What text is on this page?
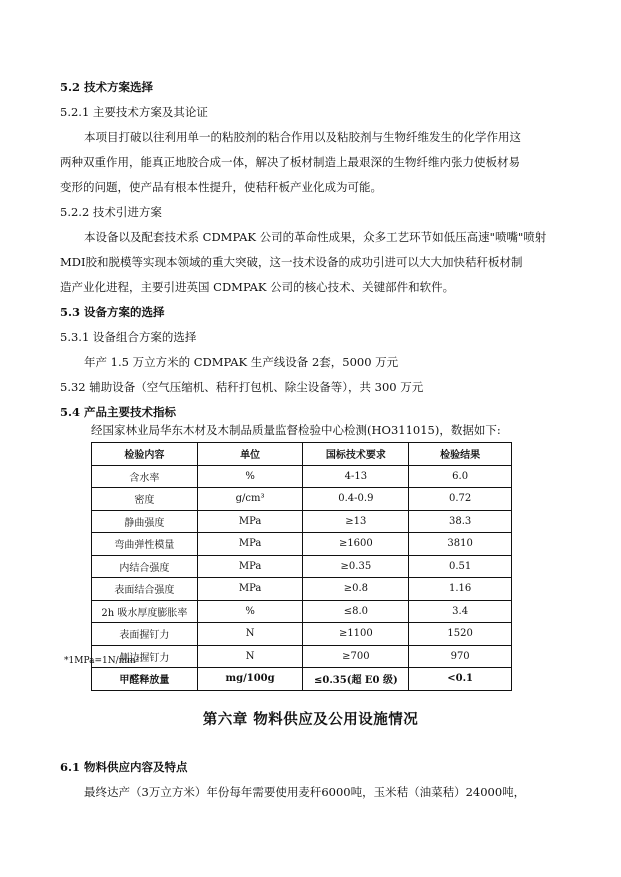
5.2 技术方案选择
5.2.1 主要技术方案及其论证
本项目打破以往利用单一的粘胶剂的粘合作用以及粘胶剂与生物纤维发生的化学作用这
两种双重作用，能真正地胶合成一体，解决了板材制造上最艰深的生物纤维内张力使板材易
变形的问题，使产品有根本性提升，使秸秆板产业化成为可能。
5.2.2 技术引进方案
本设备以及配套技术系 CDMPAK 公司的革命性成果，众多工艺环节如低压高速"喷嘴"喷射
MDI胶和脱模等实现本领域的重大突破，这一技术设备的成功引进可以大大加快秸秆板材制
造产业化进程，主要引进英国 CDMPAK 公司的核心技术、关键部件和软件。
5.3 设备方案的选择
5.3.1 设备组合方案的选择
年产 1.5 万立方米的 CDMPAK 生产线设备 2套，5000 万元
5.32 辅助设备（空气压缩机、秸秆打包机、除尘设备等），共 300 万元
5.4 产品主要技术指标
经国家林业局华东木材及木制品质量监督检验中心检测(HO311015)，数据如下:
检验内容	单位	国标技术要求	检验结果
含水率	%	4-13	6.0
密度	g/cm³	0.4-0.9	0.72
静曲强度	MPa	≥13	38.3
弯曲弹性模量	MPa	≥1600	3810
内结合强度	MPa	≥0.35	0.51
表面结合强度	MPa	≥0.8	1.16
2h 吸水厚度膨胀率	%	≤8.0	3.4
表面握钉力	N	≥1100	1520
侧边握钉力	N	≥700	970
甲醛释放量	mg/100g	≤0.35(超 E0 级)	<0.1
*1MPa=1N/mm²
第六章 物料供应及公用设施情况
6.1 物料供应内容及特点
最终达产（3万立方米）年份每年需要使用麦秆6000吨，玉米秸（油菜秸）24000吨，
